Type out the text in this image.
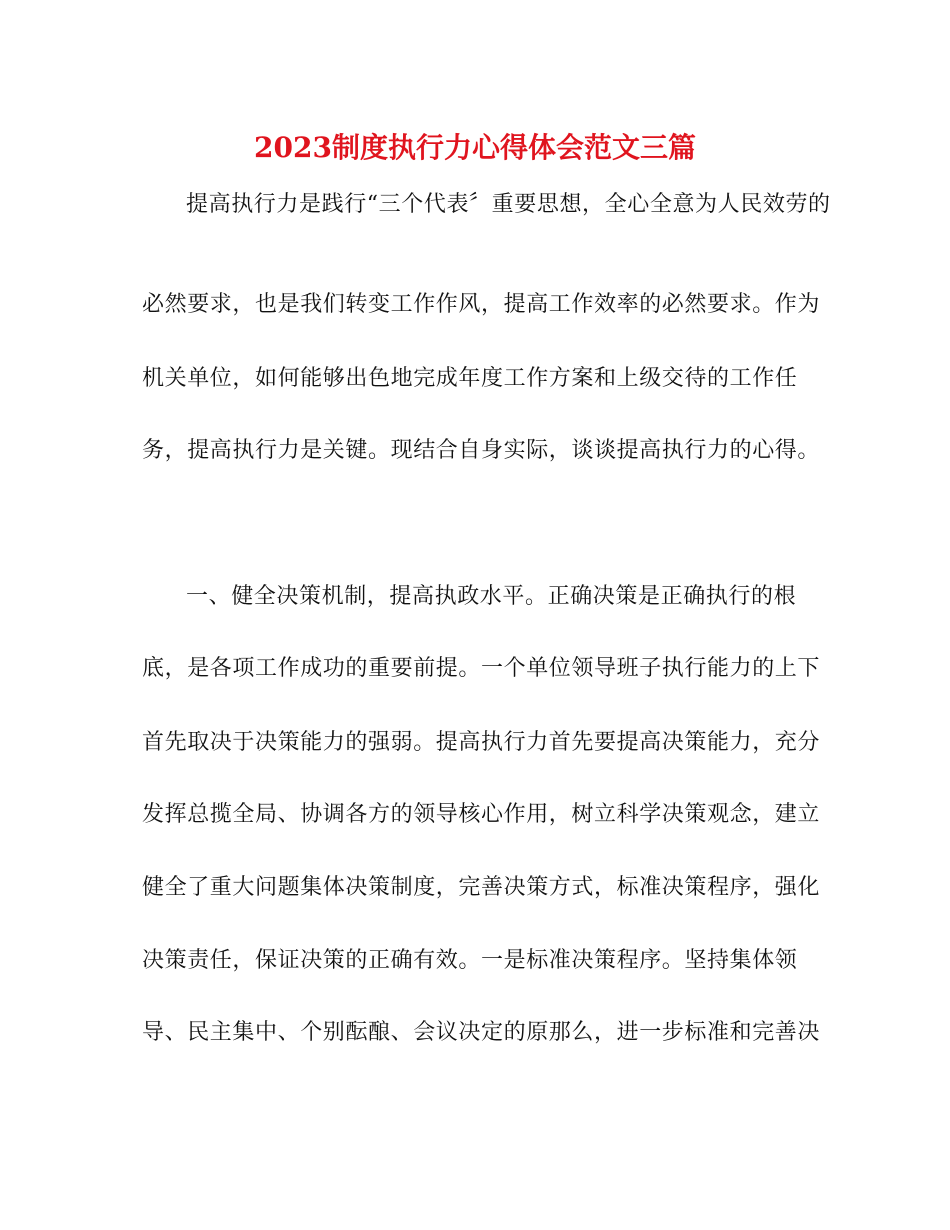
2023制度执行力心得体会范文三篇
提高执行力是践行“三个代表〞重要思想，全心全意为人民效劳的
必然要求，也是我们转变工作作风，提高工作效率的必然要求。作为
机关单位，如何能够出色地完成年度工作方案和上级交待的工作任
务，提高执行力是关键。现结合自身实际，谈谈提高执行力的心得。
一、健全决策机制，提高执政水平。正确决策是正确执行的根
底，是各项工作成功的重要前提。一个单位领导班子执行能力的上下
首先取决于决策能力的强弱。提高执行力首先要提高决策能力，充分
发挥总揽全局、协调各方的领导核心作用，树立科学决策观念，建立
健全了重大问题集体决策制度，完善决策方式，标准决策程序，强化
决策责任，保证决策的正确有效。一是标准决策程序。坚持集体领
导、民主集中、个别酝酿、会议决定的原那么，进一步标准和完善决
